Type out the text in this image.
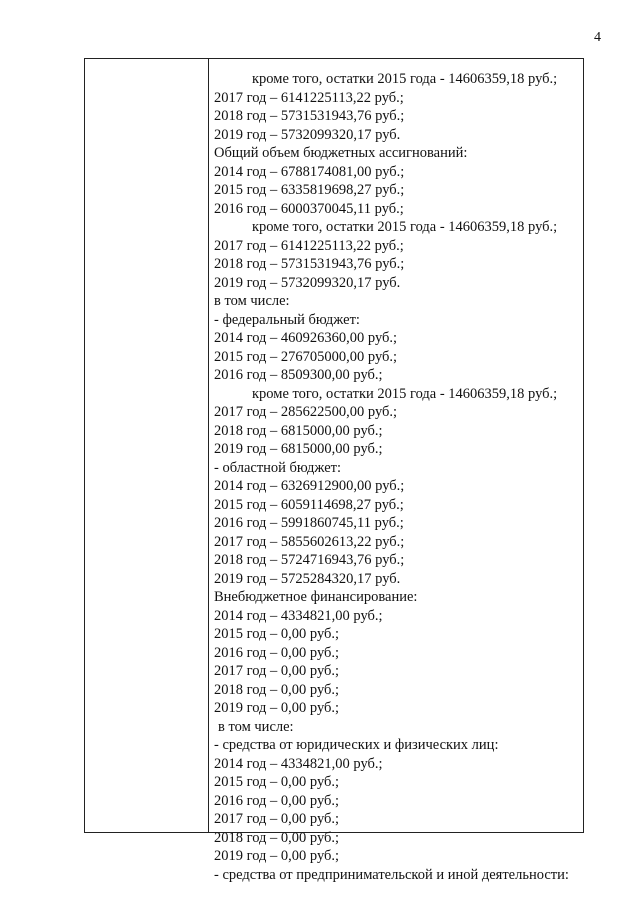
4
кроме того, остатки 2015 года - 14606359,18 руб.;
2017 год – 6141225113,22 руб.;
2018 год – 5731531943,76 руб.;
2019 год – 5732099320,17 руб.
Общий объем бюджетных ассигнований:
2014 год – 6788174081,00 руб.;
2015 год – 6335819698,27 руб.;
2016 год – 6000370045,11 руб.;
кроме того, остатки 2015 года - 14606359,18 руб.;
2017 год – 6141225113,22 руб.;
2018 год – 5731531943,76 руб.;
2019 год – 5732099320,17 руб.
в том числе:
- федеральный бюджет:
2014 год – 460926360,00 руб.;
2015 год – 276705000,00 руб.;
2016 год – 8509300,00 руб.;
кроме того, остатки 2015 года - 14606359,18 руб.;
2017 год – 285622500,00 руб.;
2018 год – 6815000,00 руб.;
2019 год – 6815000,00 руб.;
- областной бюджет:
2014 год – 6326912900,00 руб.;
2015 год – 6059114698,27 руб.;
2016 год – 5991860745,11 руб.;
2017 год – 5855602613,22 руб.;
2018 год – 5724716943,76 руб.;
2019 год – 5725284320,17 руб.
Внебюджетное финансирование:
2014 год – 4334821,00 руб.;
2015 год – 0,00 руб.;
2016 год – 0,00 руб.;
2017 год – 0,00 руб.;
2018 год – 0,00 руб.;
2019 год – 0,00 руб.;
в том числе:
- средства от юридических и физических лиц:
2014 год – 4334821,00 руб.;
2015 год – 0,00 руб.;
2016 год – 0,00 руб.;
2017 год – 0,00 руб.;
2018 год – 0,00 руб.;
2019 год – 0,00 руб.;
- средства от предпринимательской и иной деятельности:
